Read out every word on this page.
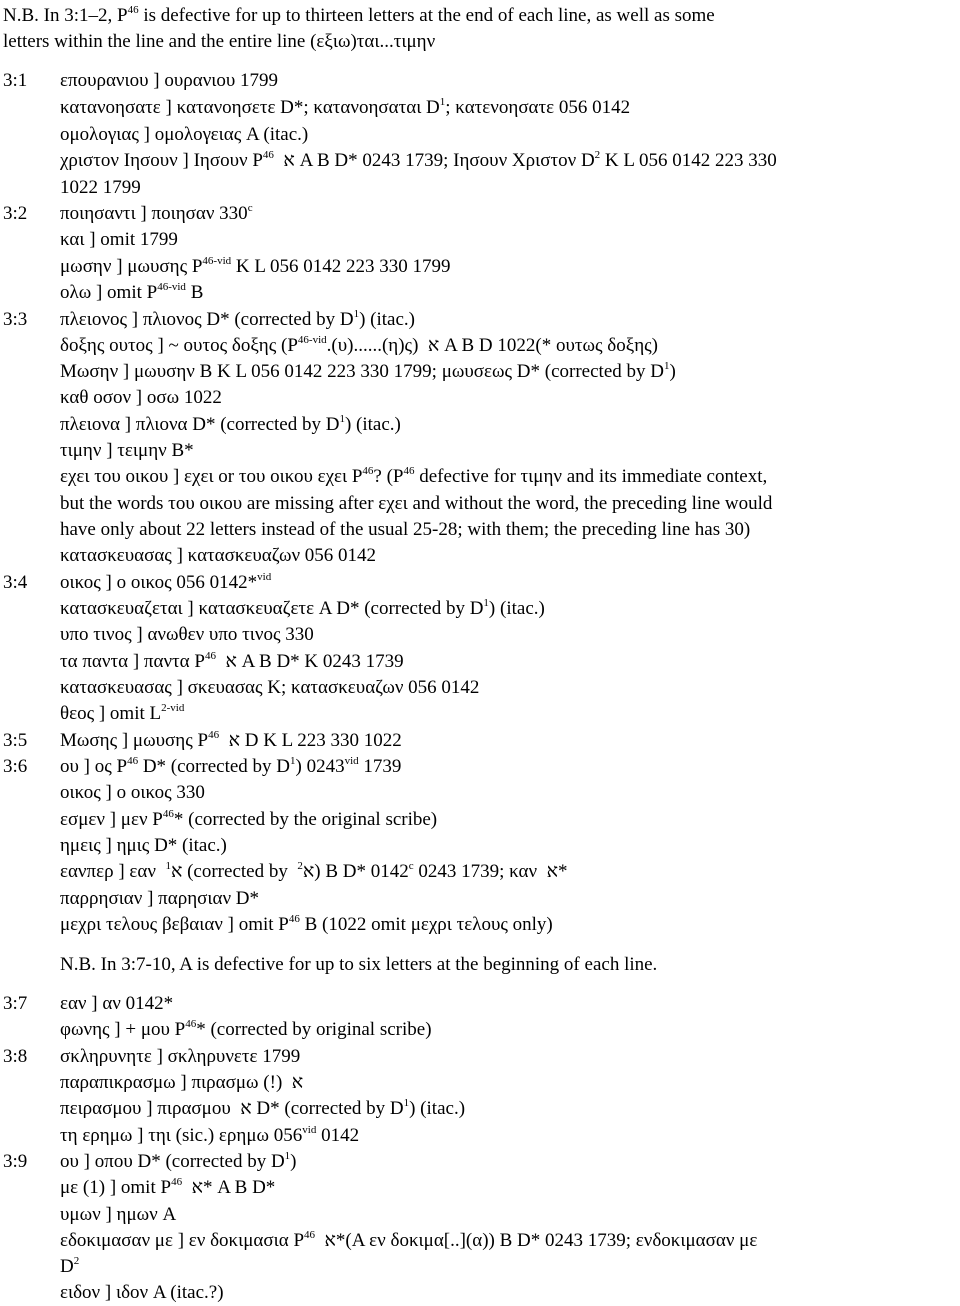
N.B. In 3:1–2, $P^{46}$ is defective for up to thirteen letters at the end of each line, as well as some
letters within the line and the entire line (εξιω)ται...τιμην
3:1 επουρανιου ] ουρανιου 1799
κατανοησατε ] κατανοησετε D*; κατανοησαται $D^1$; κατενοησατε 056 0142
ομολογιας ] ομολογειας A (itac.)
χριστον Ιησουν ] Ιησουν $P^{46}$  א A B D* 0243 1739; Ιησουν Χριστον $D^2$ K L 056 0142 223 330
1022 1799
3:2 ποιησαντι ] ποιησαν 330$^c$
και ] omit 1799
μωσην ] μωυσης $P^{46-vid}$ K L 056 0142 223 330 1799
ολω ] omit $P^{46-vid}$ B
3:3 πλειονος ] πλιονος D* (corrected by $D^1$) (itac.)
δοξης ουτος ] ~ ουτος δοξης $(P^{46-vid}.(\upsilon)......(\eta)\varsigma)$  א A B D 1022(* ουτως δοξης)
Μωσην ] μωυσην B K L 056 0142 223 330 1799; μωυσεως D* (corrected by $D^1$)
καθ οσον ] οσω 1022
πλειονα ] πλιονα D* (corrected by $D^1$) (itac.)
τιμην ] τειμην B*
εχει του οικου ] εχει or του οικου εχει $P^{46}$? ($P^{46}$ defective for τιμην and its immediate context,
but the words του οικου are missing after εχει and without the word, the preceding line would
have only about 22 letters instead of the usual 25-28; with them; the preceding line has 30)
κατασκευασας ] κατασκευαζων 056 0142
3:4 οικος ] ο οικος 056 0142*$^{vid}$
κατασκευαζεται ] κατασκευαζετε A D* (corrected by $D^1$) (itac.)
υπο τινος ] ανωθεν υπο τινος 330
τα παντα ] παντα $P^{46}$  א A B D* K 0243 1739
κατασκευασας ] σκευασας K; κατασκευαζων 056 0142
θεος ] omit $L^{2-vid}$
3:5 Μωσης ] μωυσης $P^{46}$  א D K L 223 330 1022
3:6 ου ] ος $P^{46}$ D* (corrected by $D^1$) $0243^{vid}$ 1739
οικος ] ο οικος 330
εσμεν ] μεν $P^{46}*$ (corrected by the original scribe)
ημεις ] ημις D* (itac.)
εανπερ ] εαν  א$^1$ (corrected by  א$^2$ ) B D* 0142$^c$ 0243 1739; καν  א*
παρρησιαν ] παρησιαν D*
μεχρι τελους βεβαιαν ] omit $P^{46}$ B (1022 omit μεχρι τελους only)
N.B. In 3:7-10, A is defective for up to six letters at the beginning of each line.
3:7 εαν ] αν 0142*
φωνης ] + μου $P^{46}*$ (corrected by original scribe)
3:8 σκληρυνητε ] σκληρυνετε 1799
παραπικρασμω ] πιρασμω (!)  א
πειρασμου ] πιρασμου  א D* (corrected by $D^1$) (itac.)
τη ερημω ] τηι (sic.) ερημω $056^{vid}$ 0142
3:9 ου ] οπου D* (corrected by $D^1$)
με (1) ] omit $P^{46}$  א* A B D*
υμων ] ημων A
εδοκιμασαν με ] εν δοκιμασια $P^{46}$  א*(A εν δοκιμα[..](α)) B D* 0243 1739; ενδοκιμασαν με
$D^2$
ειδον ] ιδον A (itac.?)
